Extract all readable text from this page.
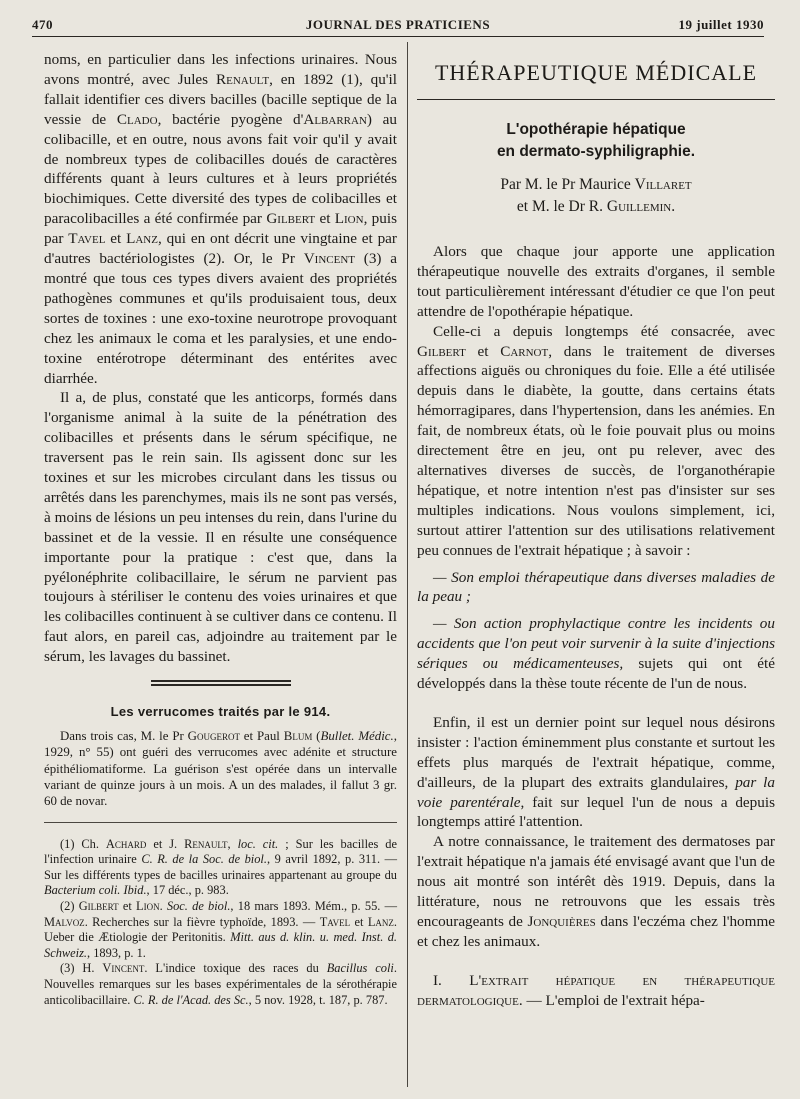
470	JOURNAL DES PRATICIENS	19 juillet 1930

noms, en particulier dans les infections urinaires. Nous avons montré, avec Jules Renault, en 1892 (1), qu'il fallait identifier ces divers bacilles (bacille septique de la vessie de Clado, bactérie pyogène d'Albarran) au colibacille, et en outre, nous avons fait voir qu'il y avait de nombreux types de colibacilles doués de caractères différents quant à leurs cultures et à leurs propriétés biochimiques. Cette diversité des types de colibacilles et paracolibacilles a été confirmée par Gilbert et Lion, puis par Tavel et Lanz, qui en ont décrit une vingtaine et par d'autres bactériologistes (2). Or, le Pr Vincent (3) a montré que tous ces types divers avaient des propriétés pathogènes communes et qu'ils produisaient tous, deux sortes de toxines : une exo-toxine neurotrope provoquant chez les animaux le coma et les paralysies, et une endo-toxine entérotrope déterminant des entérites avec diarrhée.

Il a, de plus, constaté que les anticorps, formés dans l'organisme animal à la suite de la pénétration des colibacilles et présents dans le sérum spécifique, ne traversent pas le rein sain. Ils agissent donc sur les toxines et sur les microbes circulant dans les tissus ou arrêtés dans les parenchymes, mais ils ne sont pas versés, à moins de lésions un peu intenses du rein, dans l'urine du bassinet et de la vessie. Il en résulte une conséquence importante pour la pratique : c'est que, dans la pyélonéphrite colibacillaire, le sérum ne parvient pas toujours à stériliser le contenu des voies urinaires et que les colibacilles continuent à se cultiver dans ce contenu. Il faut alors, en pareil cas, adjoindre au traitement par le sérum, les lavages du bassinet.

Les verrucomes traités par le 914.

Dans trois cas, M. le Pr Gougerot et Paul Blum (Bullet. Médic., 1929, n° 55) ont guéri des verrucomes avec adénite et structure épithéliomatiforme. La guérison s'est opérée dans un intervalle variant de quinze jours à un mois. A un des malades, il fallut 3 gr. 60 de novar.

(1) Ch. Achard et J. Renault, loc. cit. ; Sur les bacilles de l'infection urinaire C. R. de la Soc. de biol., 9 avril 1892, p. 311. — Sur les différents types de bacilles urinaires appartenant au groupe du Bacterium coli. Ibid., 17 déc., p. 983.

(2) Gilbert et Lion. Soc. de biol., 18 mars 1893. Mém., p. 55. — Malvoz. Recherches sur la fièvre typhoïde, 1893. — Tavel et Lanz. Ueber die Ætiologie der Peritonitis. Mitt. aus d. klin. u. med. Inst. d. Schweiz., 1893, p. 1.

(3) H. Vincent. L'indice toxique des races du Bacillus coli. Nouvelles remarques sur les bases expérimentales de la sérothérapie anticolibacillaire. C. R. de l'Acad. des Sc., 5 nov. 1928, t. 187, p. 787.

THÉRAPEUTIQUE MÉDICALE
L'opothérapie hépatique
en dermato-syphiligraphie.
Par M. le Pr Maurice Villaret
et M. le Dr R. Guillemin.

Alors que chaque jour apporte une application thérapeutique nouvelle des extraits d'organes, il semble tout particulièrement intéressant d'étudier ce que l'on peut attendre de l'opothérapie hépatique.

Celle-ci a depuis longtemps été consacrée, avec Gilbert et Carnot, dans le traitement de diverses affections aiguës ou chroniques du foie. Elle a été utilisée depuis dans le diabète, la goutte, dans certains états hémorragipares, dans l'hypertension, dans les anémies. En fait, de nombreux états, où le foie pouvait plus ou moins directement être en jeu, ont pu relever, avec des alternatives diverses de succès, de l'organothérapie hépatique, et notre intention n'est pas d'insister sur ses multiples indications. Nous voulons simplement, ici, surtout attirer l'attention sur des utilisations relativement peu connues de l'extrait hépatique ; à savoir :

— Son emploi thérapeutique dans diverses maladies de la peau ;

— Son action prophylactique contre les incidents ou accidents que l'on peut voir survenir à la suite d'injections sériques ou médicamenteuses, sujets qui ont été développés dans la thèse toute récente de l'un de nous.

Enfin, il est un dernier point sur lequel nous désirons insister : l'action éminemment plus constante et surtout les effets plus marqués de l'extrait hépatique, comme, d'ailleurs, de la plupart des extraits glandulaires, par la voie parentérale, fait sur lequel l'un de nous a depuis longtemps attiré l'attention.

A notre connaissance, le traitement des dermatoses par l'extrait hépatique n'a jamais été envisagé avant que l'un de nous ait montré son intérêt dès 1919. Depuis, dans la littérature, nous ne retrouvons que les essais très encourageants de Jonquières dans l'eczéma chez l'homme et chez les animaux.

I. L'extrait hépatique en thérapeutique dermatologique. — L'emploi de l'extrait hépa-
